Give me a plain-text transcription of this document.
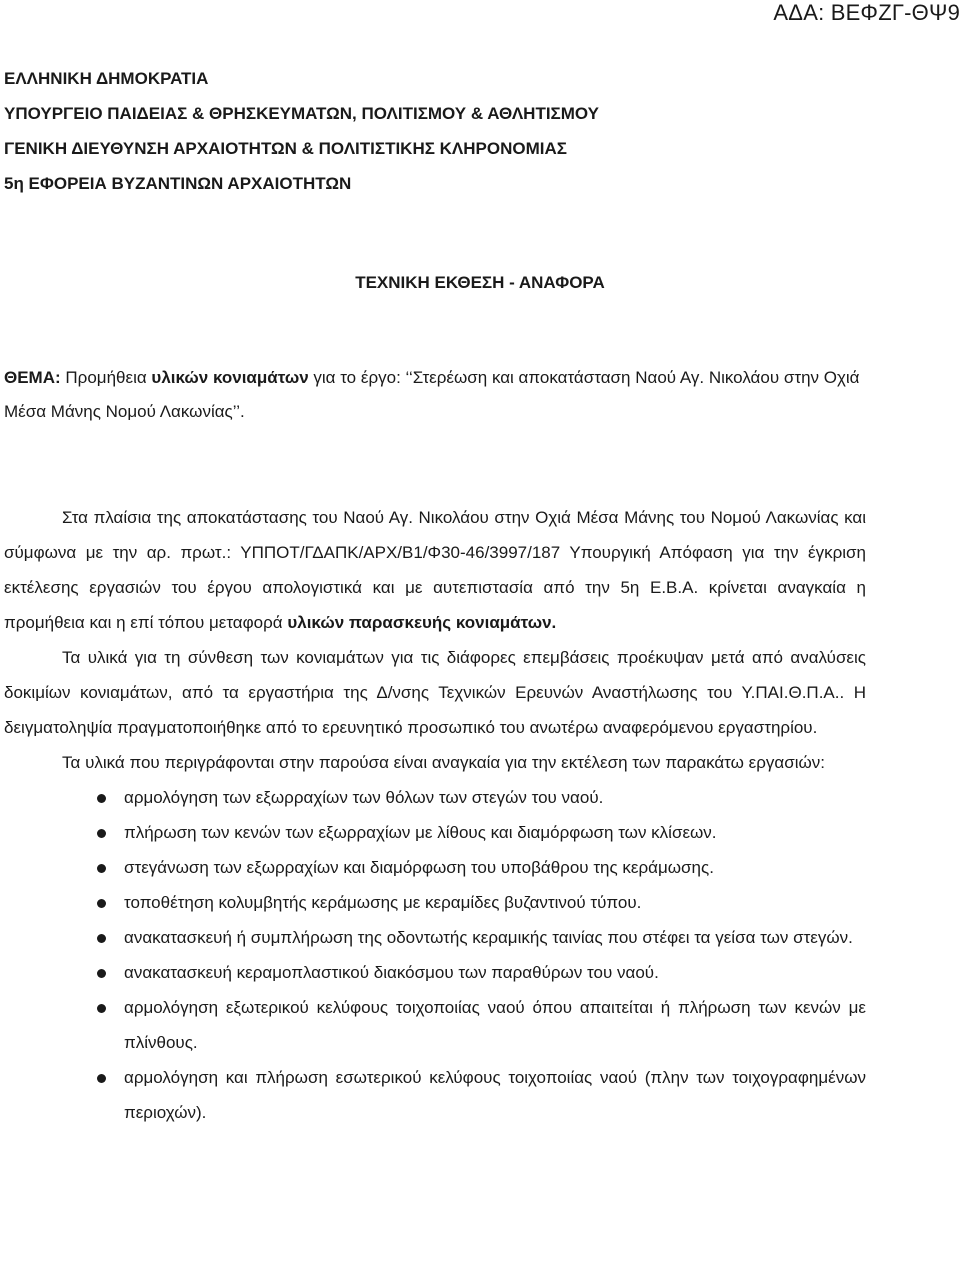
ΑΔΑ: ΒΕΦΖΓ-ΘΨ9
ΕΛΛΗΝΙΚΗ ΔΗΜΟΚΡΑΤΙΑ
ΥΠΟΥΡΓΕΙΟ ΠΑΙΔΕΙΑΣ & ΘΡΗΣΚΕΥΜΑΤΩΝ, ΠΟΛΙΤΙΣΜΟΥ & ΑΘΛΗΤΙΣΜΟΥ
ΓΕΝΙΚΗ ΔΙΕΥΘΥΝΣΗ ΑΡΧΑΙΟΤΗΤΩΝ & ΠΟΛΙΤΙΣΤΙΚΗΣ ΚΛΗΡΟΝΟΜΙΑΣ
5η ΕΦΟΡΕΙΑ ΒΥΖΑΝΤΙΝΩΝ ΑΡΧΑΙΟΤΗΤΩΝ
ΤΕΧΝΙΚΗ ΕΚΘΕΣΗ - ΑΝΑΦΟΡΑ
ΘΕΜΑ: Προμήθεια υλικών κονιαμάτων για το έργο: ‘‘Στερέωση και αποκατάσταση Ναού Αγ. Νικολάου στην Οχιά Μέσα Μάνης Νομού Λακωνίας’’.

Στα πλαίσια της αποκατάστασης του Ναού Αγ. Νικολάου στην Οχιά Μέσα Μάνης του Νομού Λακωνίας και σύμφωνα με την αρ. πρωτ.: ΥΠΠΟΤ/ΓΔΑΠΚ/ΑΡΧ/Β1/Φ30-46/3997/187 Υπουργική Απόφαση για την έγκριση εκτέλεσης εργασιών του έργου απολογιστικά και με αυτεπιστασία από την 5η Ε.Β.Α. κρίνεται αναγκαία η προμήθεια και η επί τόπου μεταφορά υλικών παρασκευής κονιαμάτων.

Τα υλικά για τη σύνθεση των κονιαμάτων για τις διάφορες επεμβάσεις προέκυψαν μετά από αναλύσεις δοκιμίων κονιαμάτων, από τα εργαστήρια της Δ/νσης Τεχνικών Ερευνών Αναστήλωσης του Υ.ΠΑΙ.Θ.Π.Α.. Η δειγματοληψία πραγματοποιήθηκε από το ερευνητικό προσωπικό του ανωτέρω αναφερόμενου εργαστηρίου.

Τα υλικά που περιγράφονται στην παρούσα είναι αναγκαία για την εκτέλεση των παρακάτω εργασιών:

αρμολόγηση των εξωρραχίων των θόλων των στεγών του ναού.
πλήρωση των κενών των εξωρραχίων με λίθους και διαμόρφωση των κλίσεων.
στεγάνωση των εξωρραχίων και διαμόρφωση του υποβάθρου της κεράμωσης.
τοποθέτηση κολυμβητής κεράμωσης με κεραμίδες βυζαντινού τύπου.
ανακατασκευή ή συμπλήρωση της οδοντωτής κεραμικής ταινίας που στέφει τα γείσα των στεγών.
ανακατασκευή κεραμοπλαστικού διακόσμου των παραθύρων του ναού.
αρμολόγηση εξωτερικού κελύφους τοιχοποιίας ναού όπου απαιτείται ή πλήρωση των κενών με πλίνθους.
αρμολόγηση και πλήρωση εσωτερικού κελύφους τοιχοποιίας ναού (πλην των τοιχογραφημένων περιοχών).
